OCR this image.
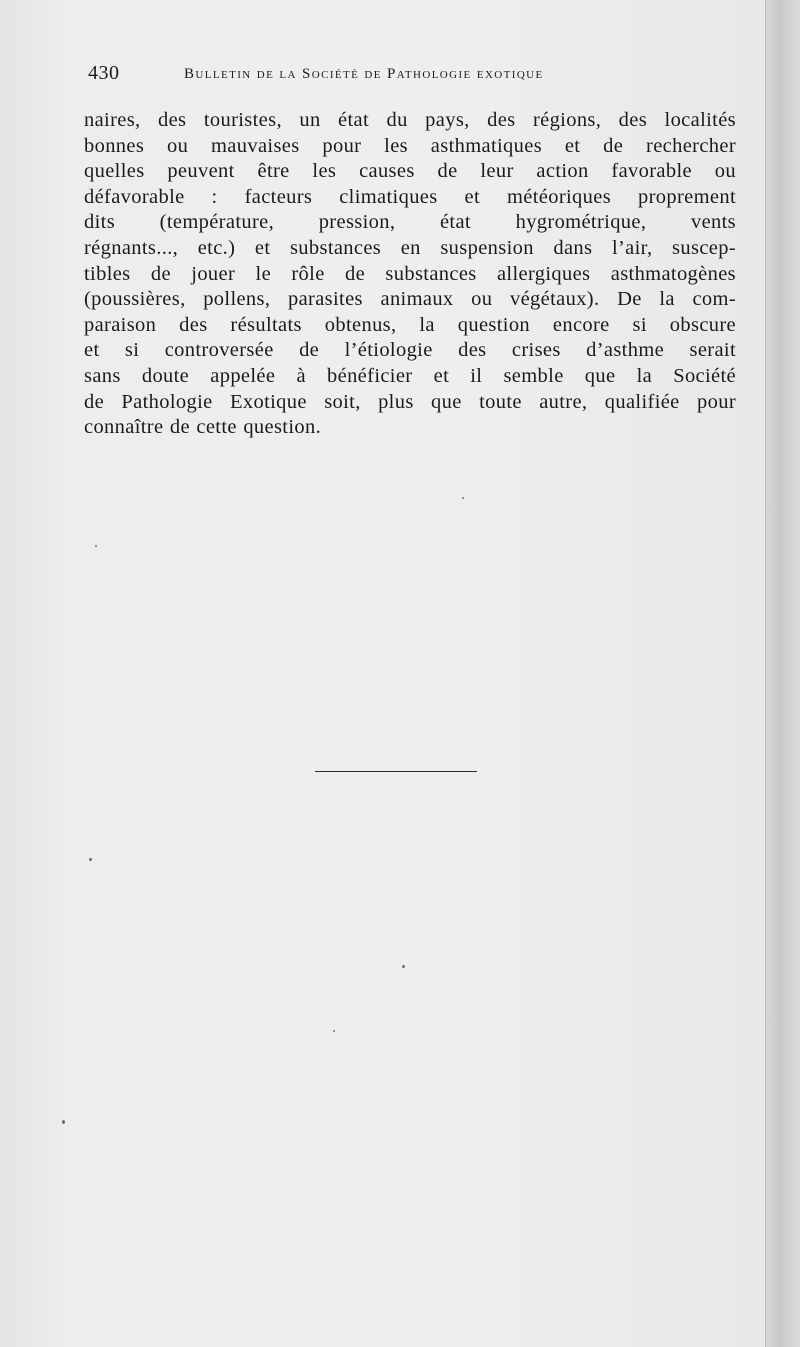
430	Bulletin de la Société de Pathologie exotique
naires, des touristes, un état du pays, des régions, des localités
bonnes ou mauvaises pour les asthmatiques et de rechercher
quelles peuvent être les causes de leur action favorable ou
défavorable : facteurs climatiques et météoriques proprement
dits (température, pression, état hygrométrique, vents
régnants..., etc.) et substances en suspension dans l’air, suscep-
tibles de jouer le rôle de substances allergiques asthmatogènes
(poussières, pollens, parasites animaux ou végétaux). De la com-
paraison des résultats obtenus, la question encore si obscure
et si controversée de l’étiologie des crises d’asthme serait
sans doute appelée à bénéficier et il semble que la Société
de Pathologie Exotique soit, plus que toute autre, qualifiée pour
connaître de cette question.
